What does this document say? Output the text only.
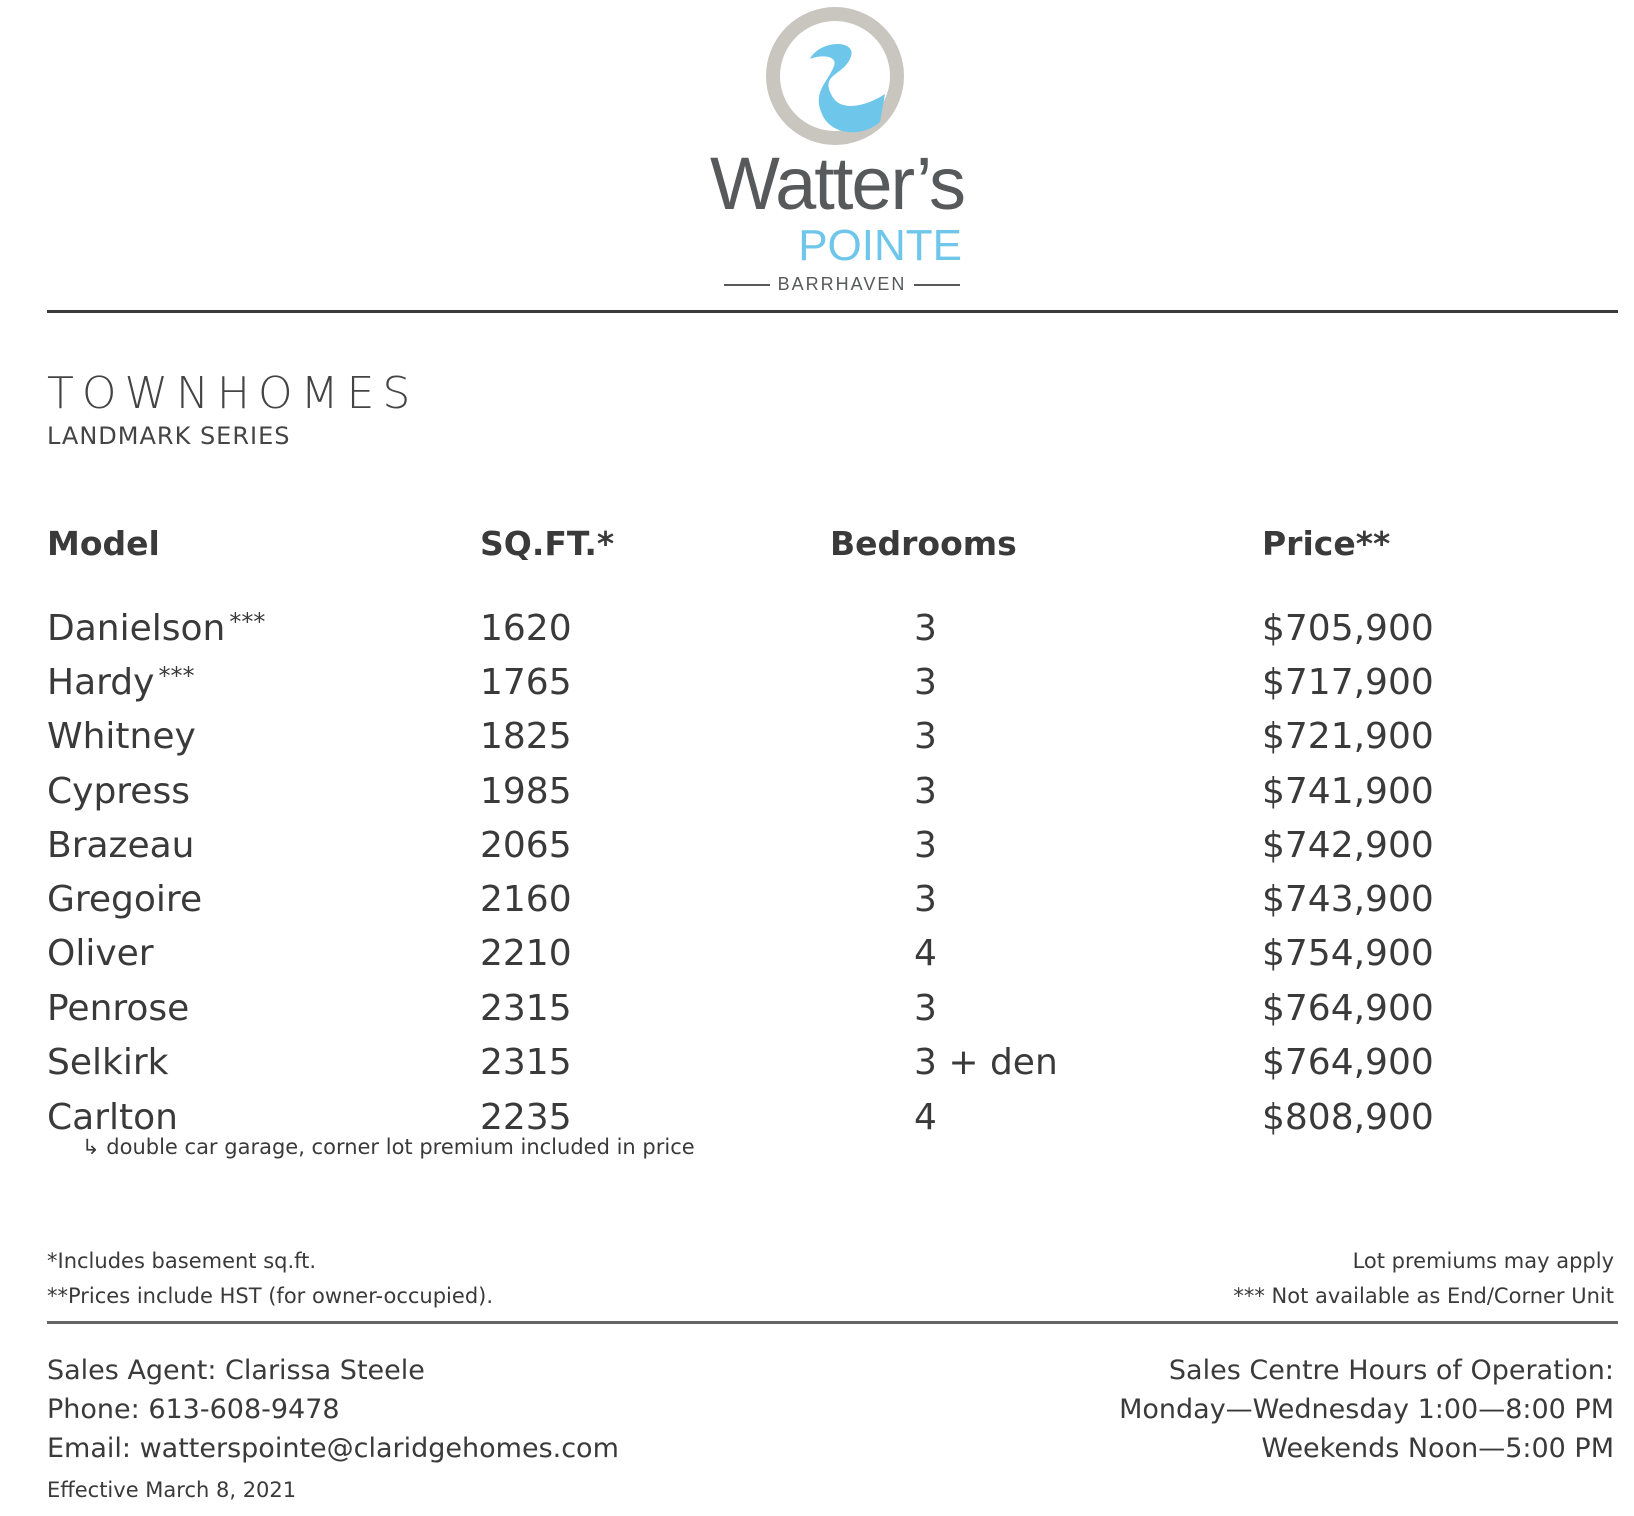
Watter’s
POINTE
BARRHAVEN
TOWNHOMES
LANDMARK SERIES
Model	SQ.FT.*	Bedrooms	Price**
Danielson ***	1620	3	$705,900
Hardy ***	1765	3	$717,900
Whitney	1825	3	$721,900
Cypress	1985	3	$741,900
Brazeau	2065	3	$742,900
Gregoire	2160	3	$743,900
Oliver	2210	4	$754,900
Penrose	2315	3	$764,900
Selkirk	2315	3 + den	$764,900
Carlton	2235	4	$808,900
↳ double car garage, corner lot premium included in price
*Includes basement sq.ft.
**Prices include HST (for owner-occupied).
Lot premiums may apply
*** Not available as End/Corner Unit
Sales Agent: Clarissa Steele
Phone: 613-608-9478
Email: watterspointe@claridgehomes.com
Sales Centre Hours of Operation:
Monday—Wednesday 1:00—8:00 PM
Weekends Noon—5:00 PM
Effective March 8, 2021
